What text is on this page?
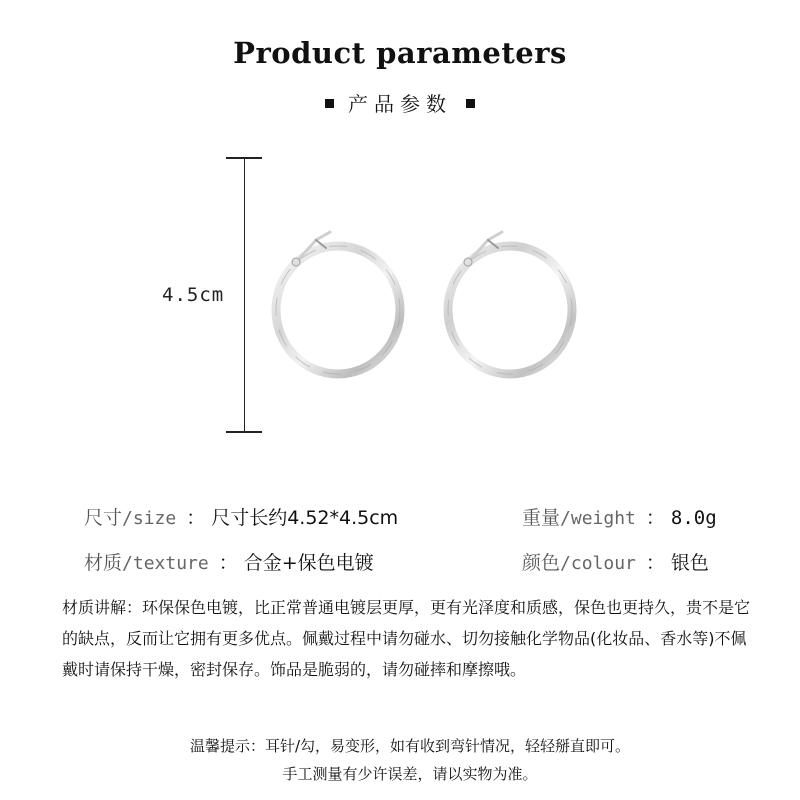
Product parameters
产品参数
4.5cm
尺寸/size ： 尺寸长约4.52*4.5cm	重量/weight ： 8.0g
材质/texture ： 合金+保色电镀	颜色/colour ： 银色
材质讲解：环保保色电镀，比正常普通电镀层更厚，更有光泽度和质感，保色也更持久，贵不是它的缺点，反而让它拥有更多优点。佩戴过程中请勿碰水、切勿接触化学物品(化妆品、香水等)不佩戴时请保持干燥，密封保存。饰品是脆弱的，请勿碰摔和摩擦哦。
温馨提示：耳针/勾，易变形，如有收到弯针情况，轻轻掰直即可。
手工测量有少许误差，请以实物为准。
